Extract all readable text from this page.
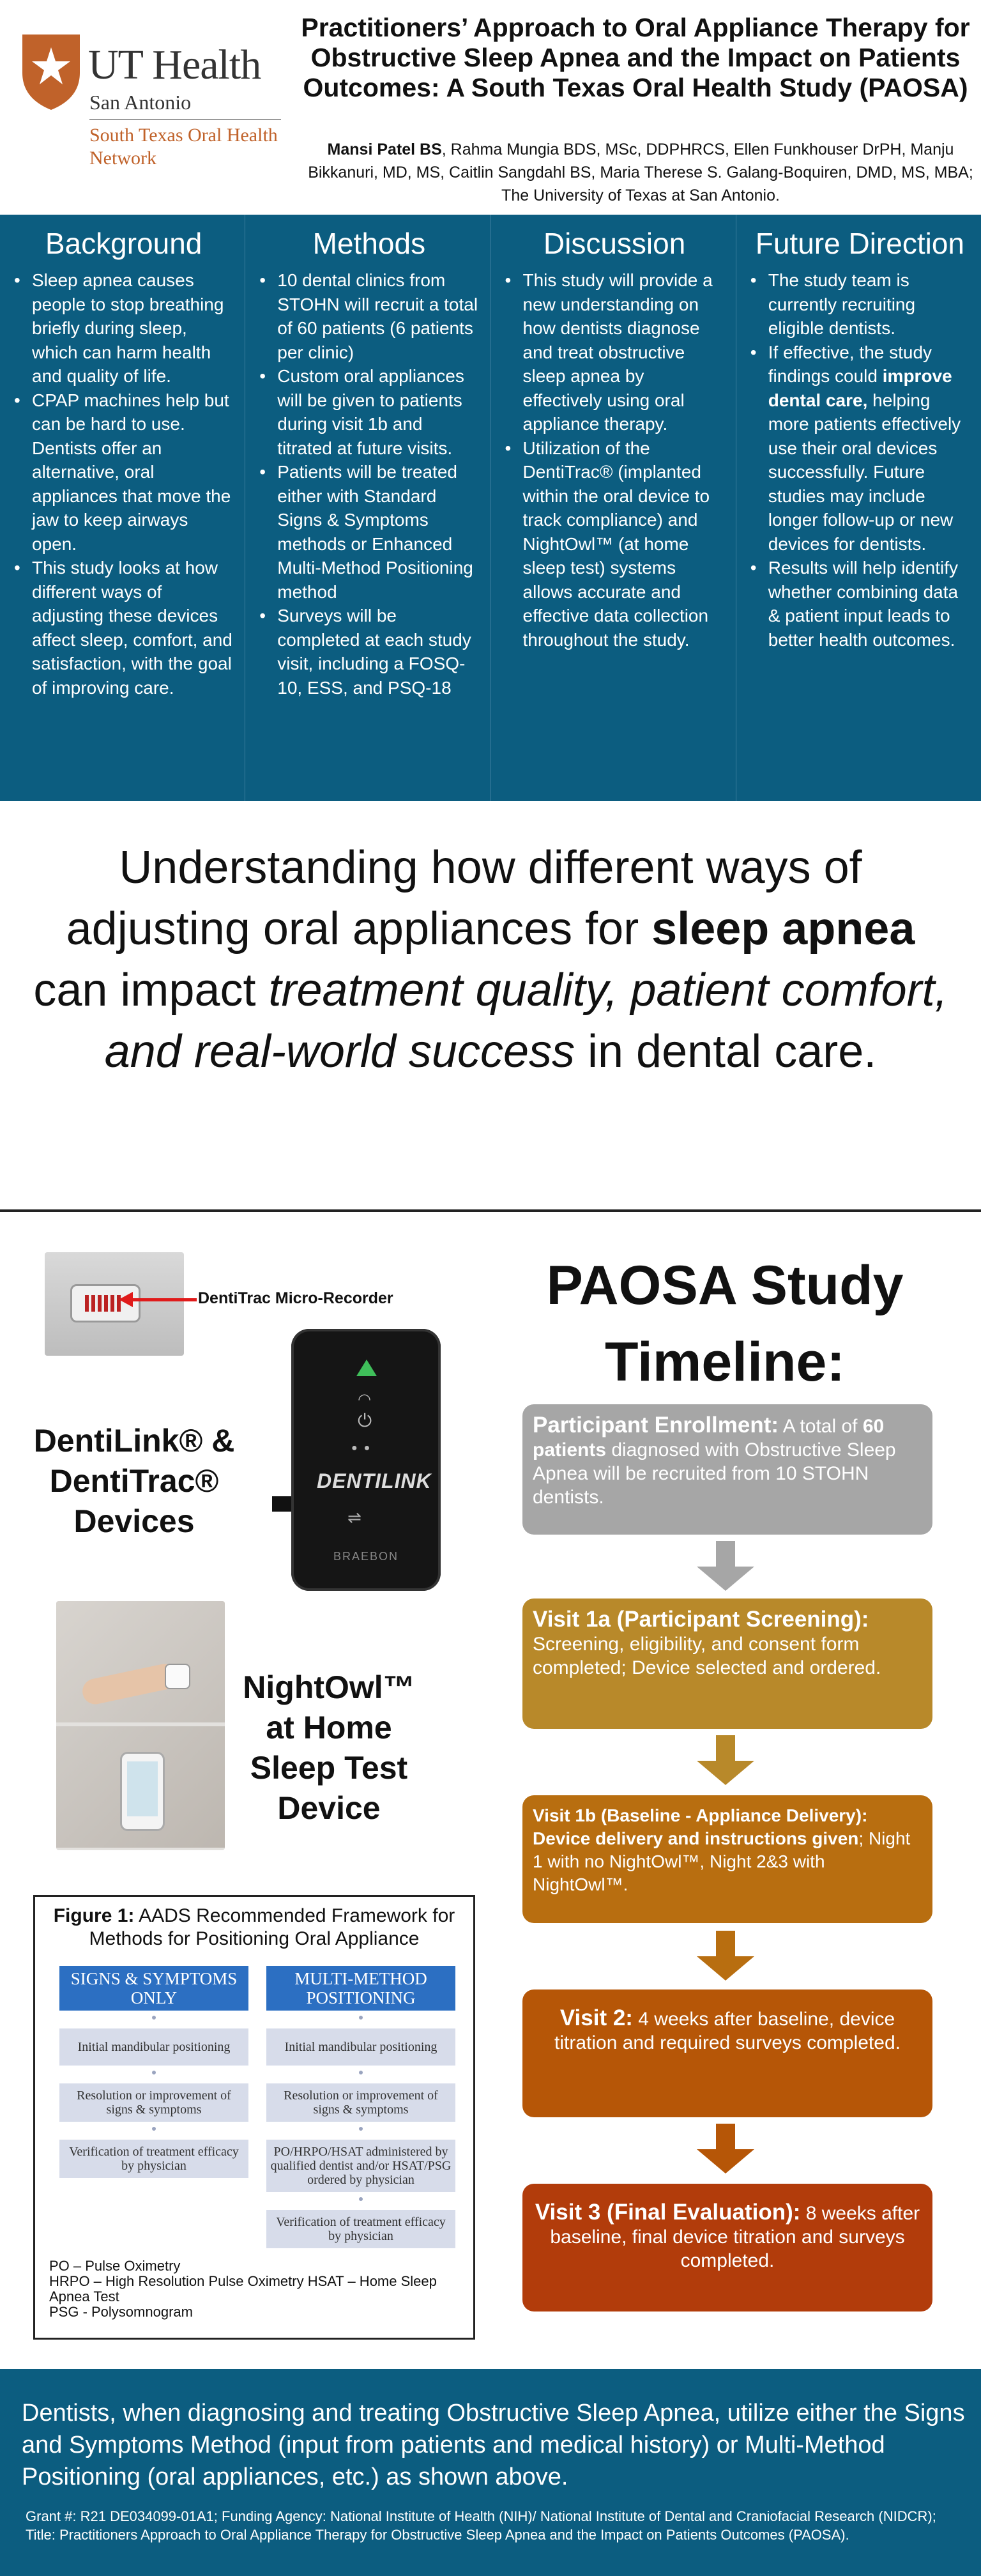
UT Health
San Antonio
South Texas Oral Health Network
Practitioners’ Approach to Oral Appliance Therapy for Obstructive Sleep Apnea and the Impact on Patients Outcomes: A South Texas Oral Health Study (PAOSA)
Mansi Patel BS, Rahma Mungia BDS, MSc, DDPHRCS, Ellen Funkhouser DrPH, Manju Bikkanuri, MD, MS, Caitlin Sangdahl BS, Maria Therese S. Galang-Boquiren, DMD, MS, MBA; The University of Texas at San Antonio.
Background
• Sleep apnea causes people to stop breathing briefly during sleep, which can harm health and quality of life.
• CPAP machines help but can be hard to use. Dentists offer an alternative, oral appliances that move the jaw to keep airways open.
• This study looks at how different ways of adjusting these devices affect sleep, comfort, and satisfaction, with the goal of improving care.
Methods
• 10 dental clinics from STOHN will recruit a total of 60 patients (6 patients per clinic)
• Custom oral appliances will be given to patients during visit 1b and titrated at future visits.
• Patients will be treated either with Standard Signs & Symptoms methods or Enhanced Multi-Method Positioning method
• Surveys will be completed at each study visit, including a FOSQ-10, ESS, and PSQ-18
Discussion
• This study will provide a new understanding on how dentists diagnose and treat obstructive sleep apnea by effectively using oral appliance therapy.
• Utilization of the DentiTrac® (implanted within the oral device to track compliance) and NightOwl™ (at home sleep test) systems allows accurate and effective data collection throughout the study.
Future Direction
• The study team is currently recruiting eligible dentists.
• If effective, the study findings could improve dental care, helping more patients effectively use their oral devices successfully. Future studies may include longer follow-up or new devices for dentists.
• Results will help identify whether combining data & patient input leads to better health outcomes.
Understanding how different ways of adjusting oral appliances for sleep apnea can impact treatment quality, patient comfort, and real-world success in dental care.
DentiTrac Micro-Recorder
◠
⏻
●●
DENTILINK
⇌
BRAEBON
DentiLink® & DentiTrac® Devices
NightOwl™ at Home Sleep Test Device
Figure 1: AADS Recommended Framework for Methods for Positioning Oral Appliance
SIGNS & SYMPTOMS ONLY
Initial mandibular positioning
Resolution or improvement of signs & symptoms
Verification of treatment efficacy by physician
MULTI-METHOD POSITIONING
Initial mandibular positioning
Resolution or improvement of signs & symptoms
PO/HRPO/HSAT administered by qualified dentist and/or HSAT/PSG ordered by physician
Verification of treatment efficacy by physician
PO – Pulse Oximetry
HRPO – High Resolution Pulse Oximetry HSAT – Home Sleep Apnea Test
PSG - Polysomnogram
PAOSA Study Timeline:
Participant Enrollment: A total of 60 patients diagnosed with Obstructive Sleep Apnea will be recruited from 10 STOHN dentists.
Visit 1a (Participant Screening): Screening, eligibility, and consent form completed; Device selected and ordered.
Visit 1b (Baseline - Appliance Delivery): Device delivery and instructions given; Night 1 with no NightOwl™, Night 2&3 with NightOwl™.
Visit 2: 4 weeks after baseline, device titration and required surveys completed.
Visit 3 (Final Evaluation): 8 weeks after baseline, final device titration and surveys completed.
Dentists, when diagnosing and treating Obstructive Sleep Apnea, utilize either the Signs and Symptoms Method (input from patients and medical history) or Multi-Method Positioning (oral appliances, etc.) as shown above.
Grant #: R21 DE034099-01A1; Funding Agency: National Institute of Health (NIH)/ National Institute of Dental and Craniofacial Research (NIDCR); Title: Practitioners Approach to Oral Appliance Therapy for Obstructive Sleep Apnea and the Impact on Patients Outcomes (PAOSA).
